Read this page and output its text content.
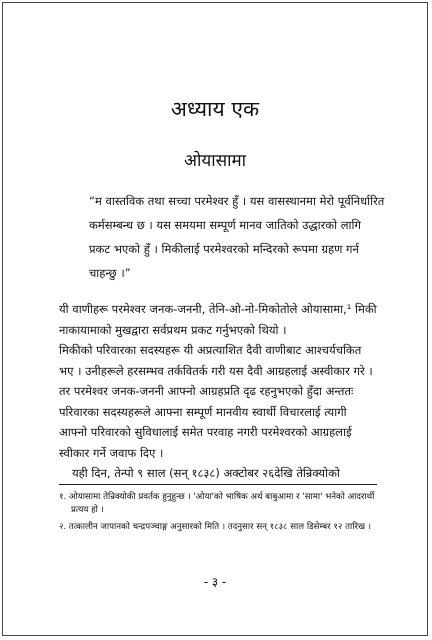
अध्याय एक
ओयासामा
“म वास्तविक तथा सच्चा परमेश्वर हुँ । यस वासस्थानमा मेरो पूर्वनिर्धारित कर्मसम्बन्ध छ । यस समयमा सम्पूर्ण मानव जातिको उद्धारको लागि प्रकट भएको हुँ । मिकीलाई परमेश्वरको मन्दिरको रूपमा ग्रहण गर्न चाहन्छु ।”

यी वाणीहरू परमेश्वर जनक-जननी, तेनि-ओ-नो-मिकोतोले ओयासामा,¹ मिकी नाकायामाको मुखद्वारा सर्वप्रथम प्रकट गर्नुभएको थियो ।

मिकीको परिवारका सदस्यहरू यी अप्रत्याशित दैवी वाणीबाट आश्चर्यचकित भए । उनीहरूले हरसम्भव तर्कवितर्क गरी यस दैवी आग्रहलाई अस्वीकार गरे । तर परमेश्वर जनक-जननी आफ्नो आग्रहप्रति दृढ रहनुभएको हुँदा अन्ततः परिवारका सदस्यहरूले आफ्ना सम्पूर्ण मानवीय स्वार्थी विचारलाई त्यागी आफ्नो परिवारको सुविधालाई समेत परवाह नगरी परमेश्वरको आग्रहलाई स्वीकार गर्ने जवाफ दिए ।

यही दिन, तेन्पो ९ साल (सन् १८३८) अक्टोबर २६देखि तेन्रिक्योको

१. ओयासामा तेन्रिक्योकी प्रवर्तक हुनुहुन्छ । 'ओया'को भाषिक अर्थ बाबुआमा र 'सामा' भनेको आदरार्थी प्रत्यय हो ।

२. तत्कालीन जापानको चन्द्रपञ्चाङ्ग अनुसारको मिति । तदनुसार सन् १८३८ साल डिसेम्बर १२ तारिख ।

- ३ -
